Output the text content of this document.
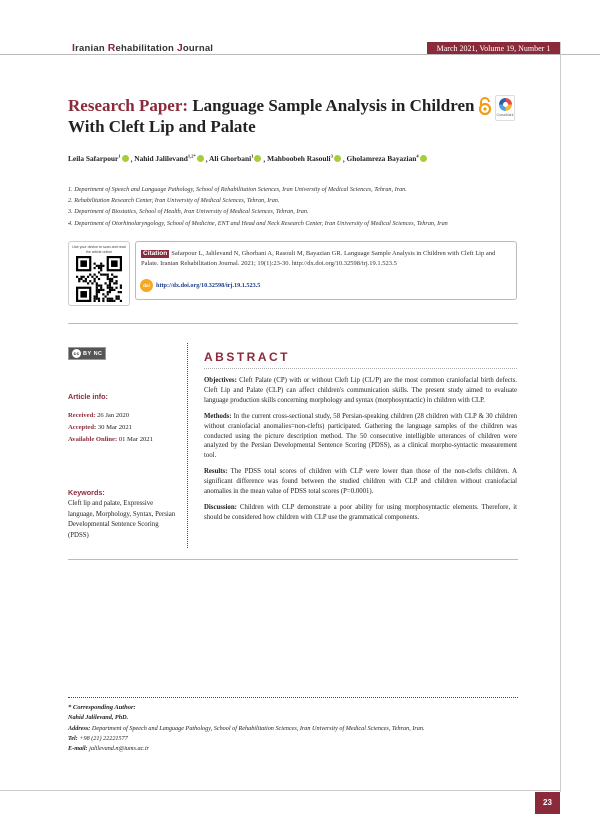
Iranian Rehabilitation Journal	March 2021, Volume 19, Number 1
Research Paper: Language Sample Analysis in Children With Cleft Lip and Palate
CrossMark
Leila Safarpour$^1$ , Nahid Jalilevand$^{1,2*}$ , Ali Ghorbani$^1$ , Mahboobeh Rasouli$^3$ , Gholamreza Bayazian$^4$
1. Department of Speech and Language Pathology, School of Rehabilitation Sciences, Iran University of Medical Sciences, Tehran, Iran.
2. Rehabilitation Research Center, Iran University of Medical Sciences, Tehran, Iran.
3. Department of Biostatics, School of Health, Iran University of Medical Sciences, Tehran, Iran.
4. Department of Otorhinolaryngology, School of Medicine, ENT and Head and Neck Research Center, Iran University of Medical Sciences, Tehran, Iran
Use your device to scan and read the article online	Citation Safarpour L, Jalilevand N, Ghorbani A, Rasouli M, Bayazian GR. Language Sample Analysis in Children with Cleft Lip and Palate. Iranian Rehabilitation Journal. 2021; 19(1):23-30. http://dx.doi.org/10.32598/irj.19.1.523.5
doi http://dx.doi.org/10.32598/irj.19.1.523.5
cc BY NC
Article info:
Received: 26 Jan 2020
Accepted: 30 Mar 2021
Available Online: 01 Mar 2021
Keywords:
Cleft lip and palate, Expressive language, Morphology, Syntax, Persian Developmental Sentence Scoring (PDSS)
ABSTRACT

Objectives: Cleft Palate (CP) with or without Cleft Lip (CL/P) are the most common craniofacial birth defects. Cleft Lip and Palate (CLP) can affect children's communication skills. The present study aimed to evaluate language production skills concerning morphology and syntax (morphosyntactic) in children with CLP.

Methods: In the current cross-sectional study, 58 Persian-speaking children (28 children with CLP & 30 children without craniofacial anomalies=non-clefts) participated. Gathering the language samples of the children was conducted using the picture description method. The 50 consecutive intelligible utterances of children were analyzed by the Persian Developmental Sentence Scoring (PDSS), as a clinical morpho-syntactic measurement tool.

Results: The PDSS total scores of children with CLP were lower than those of the non-clefts children. A significant difference was found between the studied children with CLP and children without craniofacial anomalies in the mean value of PDSS total scores (P=0.0001).

Discussion: Children with CLP demonstrate a poor ability for using morphosyntactic elements. Therefore, it should be considered how children with CLP use the grammatical components.

* Corresponding Author:
Nahid Jalilevand, PhD.
Address: Department of Speech and Language Pathology, School of Rehabilitation Sciences, Iran University of Medical Sciences, Tehran, Iran.
Tel: +98 (21) 22221577
E-mail: jalilevand.n@iums.ac.ir
23
